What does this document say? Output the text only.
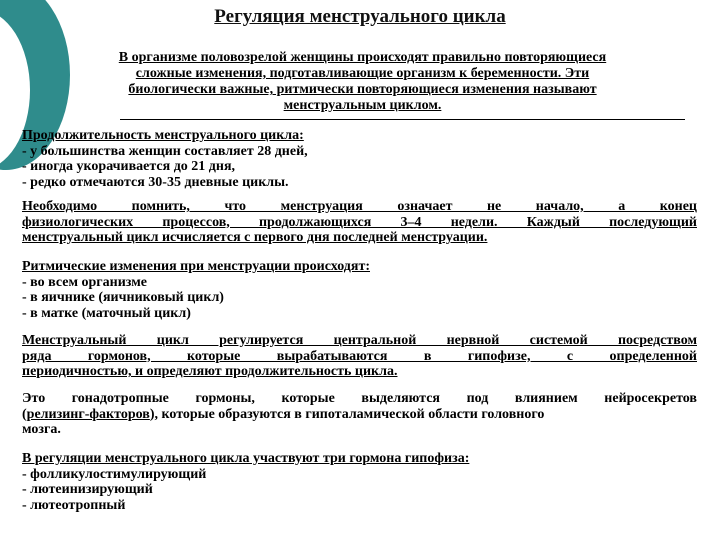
Регуляция менструального цикла
В организме половозрелой женщины происходят правильно повторяющиеся
сложные изменения, подготавливающие организм к беременности. Эти
биологически важные, ритмически повторяющиеся изменения называют
менструальным циклом.
Продолжительность менструального цикла:
- у большинства женщин составляет 28 дней,
- иногда укорачивается до 21 дня,
- редко отмечаются 30-35 дневные циклы.
Необходимо помнить, что менструация означает не начало, а конец
физиологических процессов, продолжающихся 3–4 недели. Каждый последующий
менструальный цикл исчисляется с первого дня последней менструации.
Ритмические изменения при менструации происходят:
- во всем организме
- в яичнике (яичниковый цикл)
- в матке (маточный цикл)
Менструальный цикл регулируется центральной нервной системой посредством
ряда гормонов, которые вырабатываются в гипофизе, с определенной
периодичностью, и определяют продолжительность цикла.
Это гонадотропные гормоны, которые выделяются под влиянием нейросекретов
(релизинг-факторов), которые образуются в гипоталамической области головного
мозга.
В регуляции менструального цикла участвуют три гормона гипофиза:
- фолликулостимулирующий
- лютеинизирующий
- лютеотропный
